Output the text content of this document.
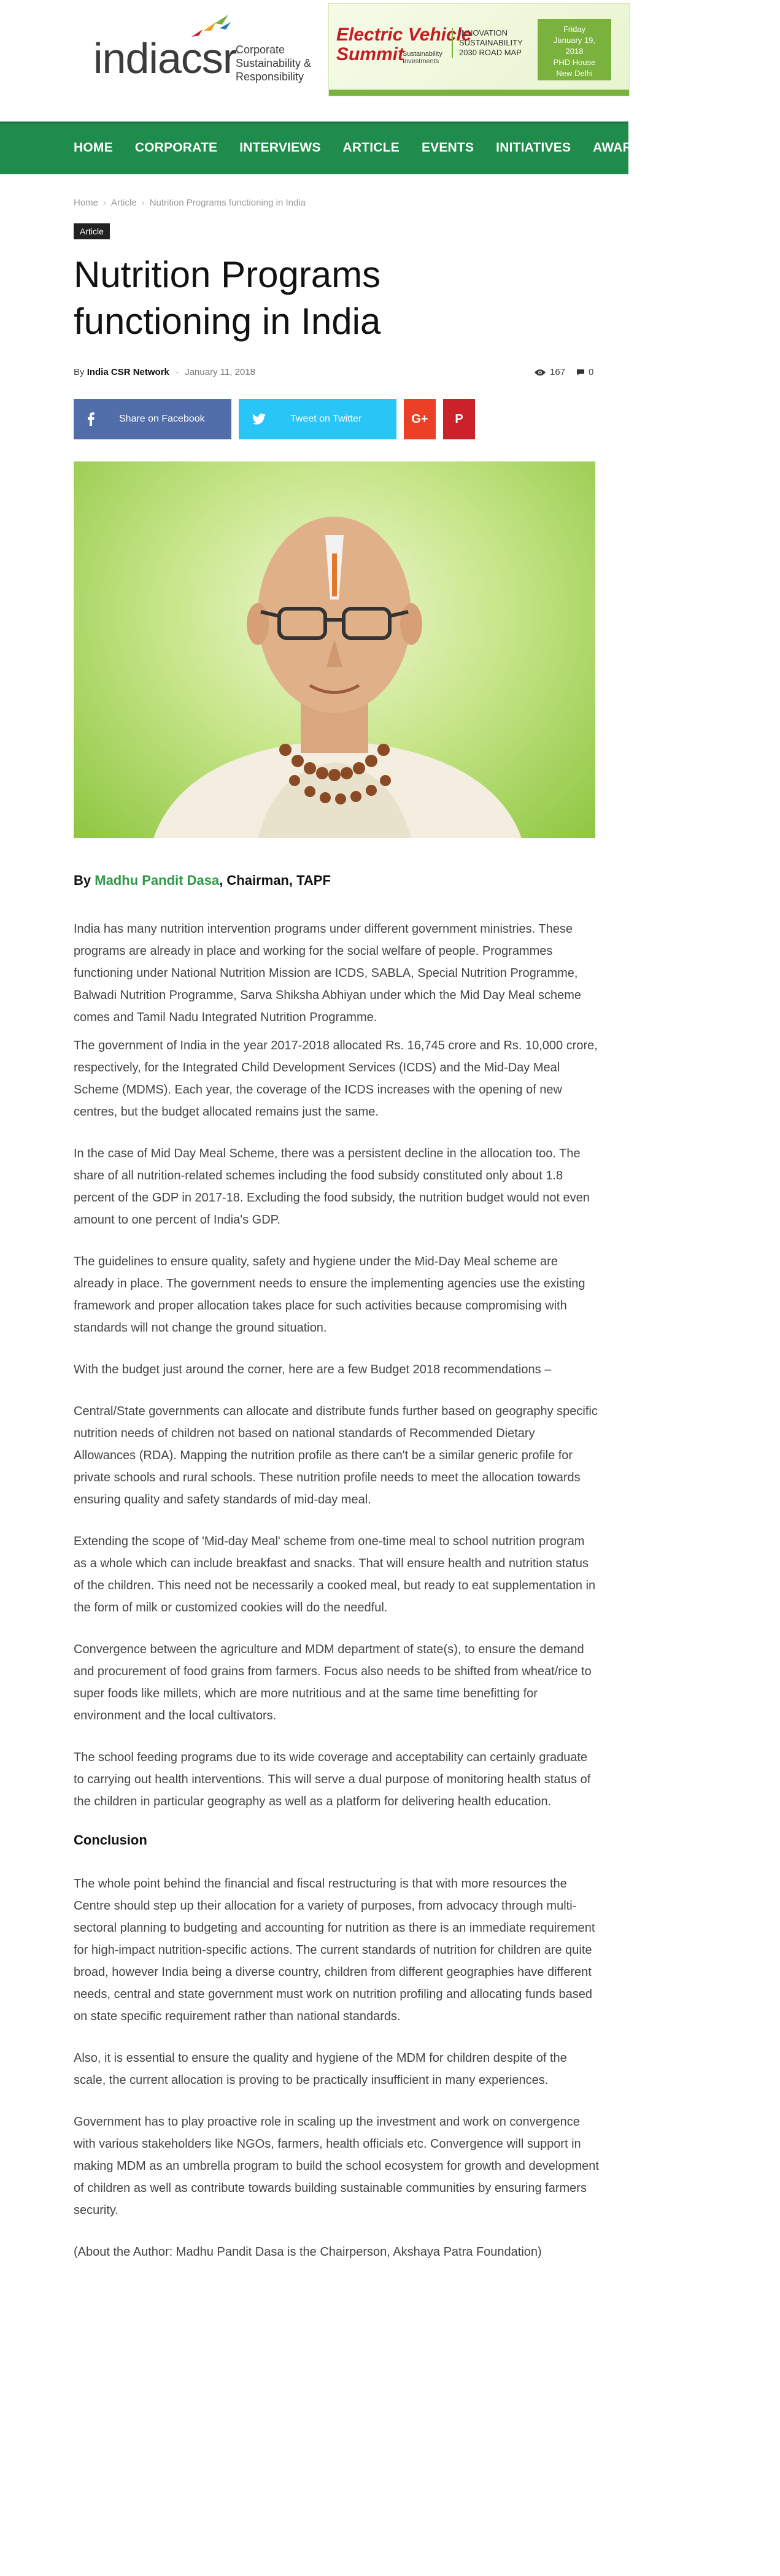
indiacsr
Corporate
Sustainability &
Responsibility
Electric Vehicle
Summit
Sustainability Investments
INNOVATION
SUSTAINABILITY
2030 ROAD MAP
Friday
January 19, 2018
PHD House
New Delhi
HOME CORPORATE INTERVIEWS ARTICLE EVENTS INITIATIVES AWARDS CATEGORIES
Home › Article › Nutrition Programs functioning in India
Article
Nutrition Programs functioning in India
By India CSR Network - January 11, 2018	167	0
Share on Facebook	Tweet on Twitter	G+ P
By Madhu Pandit Dasa, Chairman, TAPF

India has many nutrition intervention programs under different government ministries. These programs are already in place and working for the social welfare of people. Programmes functioning under National Nutrition Mission are ICDS, SABLA, Special Nutrition Programme, Balwadi Nutrition Programme, Sarva Shiksha Abhiyan under which the Mid Day Meal scheme comes and Tamil Nadu Integrated Nutrition Programme.

The government of India in the year 2017-2018 allocated Rs. 16,745 crore and Rs. 10,000 crore, respectively, for the Integrated Child Development Services (ICDS) and the Mid-Day Meal Scheme (MDMS). Each year, the coverage of the ICDS increases with the opening of new centres, but the budget allocated remains just the same.

In the case of Mid Day Meal Scheme, there was a persistent decline in the allocation too. The share of all nutrition-related schemes including the food subsidy constituted only about 1.8 percent of the GDP in 2017-18. Excluding the food subsidy, the nutrition budget would not even amount to one percent of India's GDP.

The guidelines to ensure quality, safety and hygiene under the Mid-Day Meal scheme are already in place. The government needs to ensure the implementing agencies use the existing framework and proper allocation takes place for such activities because compromising with standards will not change the ground situation.

With the budget just around the corner, here are a few Budget 2018 recommendations –

Central/State governments can allocate and distribute funds further based on geography specific nutrition needs of children not based on national standards of Recommended Dietary Allowances (RDA). Mapping the nutrition profile as there can't be a similar generic profile for private schools and rural schools. These nutrition profile needs to meet the allocation towards ensuring quality and safety standards of mid-day meal.

Extending the scope of 'Mid-day Meal' scheme from one-time meal to school nutrition program as a whole which can include breakfast and snacks. That will ensure health and nutrition status of the children. This need not be necessarily a cooked meal, but ready to eat supplementation in the form of milk or customized cookies will do the needful.

Convergence between the agriculture and MDM department of state(s), to ensure the demand and procurement of food grains from farmers. Focus also needs to be shifted from wheat/rice to super foods like millets, which are more nutritious and at the same time benefitting for environment and the local cultivators.

The school feeding programs due to its wide coverage and acceptability can certainly graduate to carrying out health interventions. This will serve a dual purpose of monitoring health status of the children in particular geography as well as a platform for delivering health education.

Conclusion

The whole point behind the financial and fiscal restructuring is that with more resources the Centre should step up their allocation for a variety of purposes, from advocacy through multi-sectoral planning to budgeting and accounting for nutrition as there is an immediate requirement for high-impact nutrition-specific actions. The current standards of nutrition for children are quite broad, however India being a diverse country, children from different geographies have different needs, central and state government must work on nutrition profiling and allocating funds based on state specific requirement rather than national standards.

Also, it is essential to ensure the quality and hygiene of the MDM for children despite of the scale, the current allocation is proving to be practically insufficient in many experiences.

Government has to play proactive role in scaling up the investment and work on convergence with various stakeholders like NGOs, farmers, health officials etc. Convergence will support in making MDM as an umbrella program to build the school ecosystem for growth and development of children as well as contribute towards building sustainable communities by ensuring farmers security.

(About the Author: Madhu Pandit Dasa is the Chairperson, Akshaya Patra Foundation)
